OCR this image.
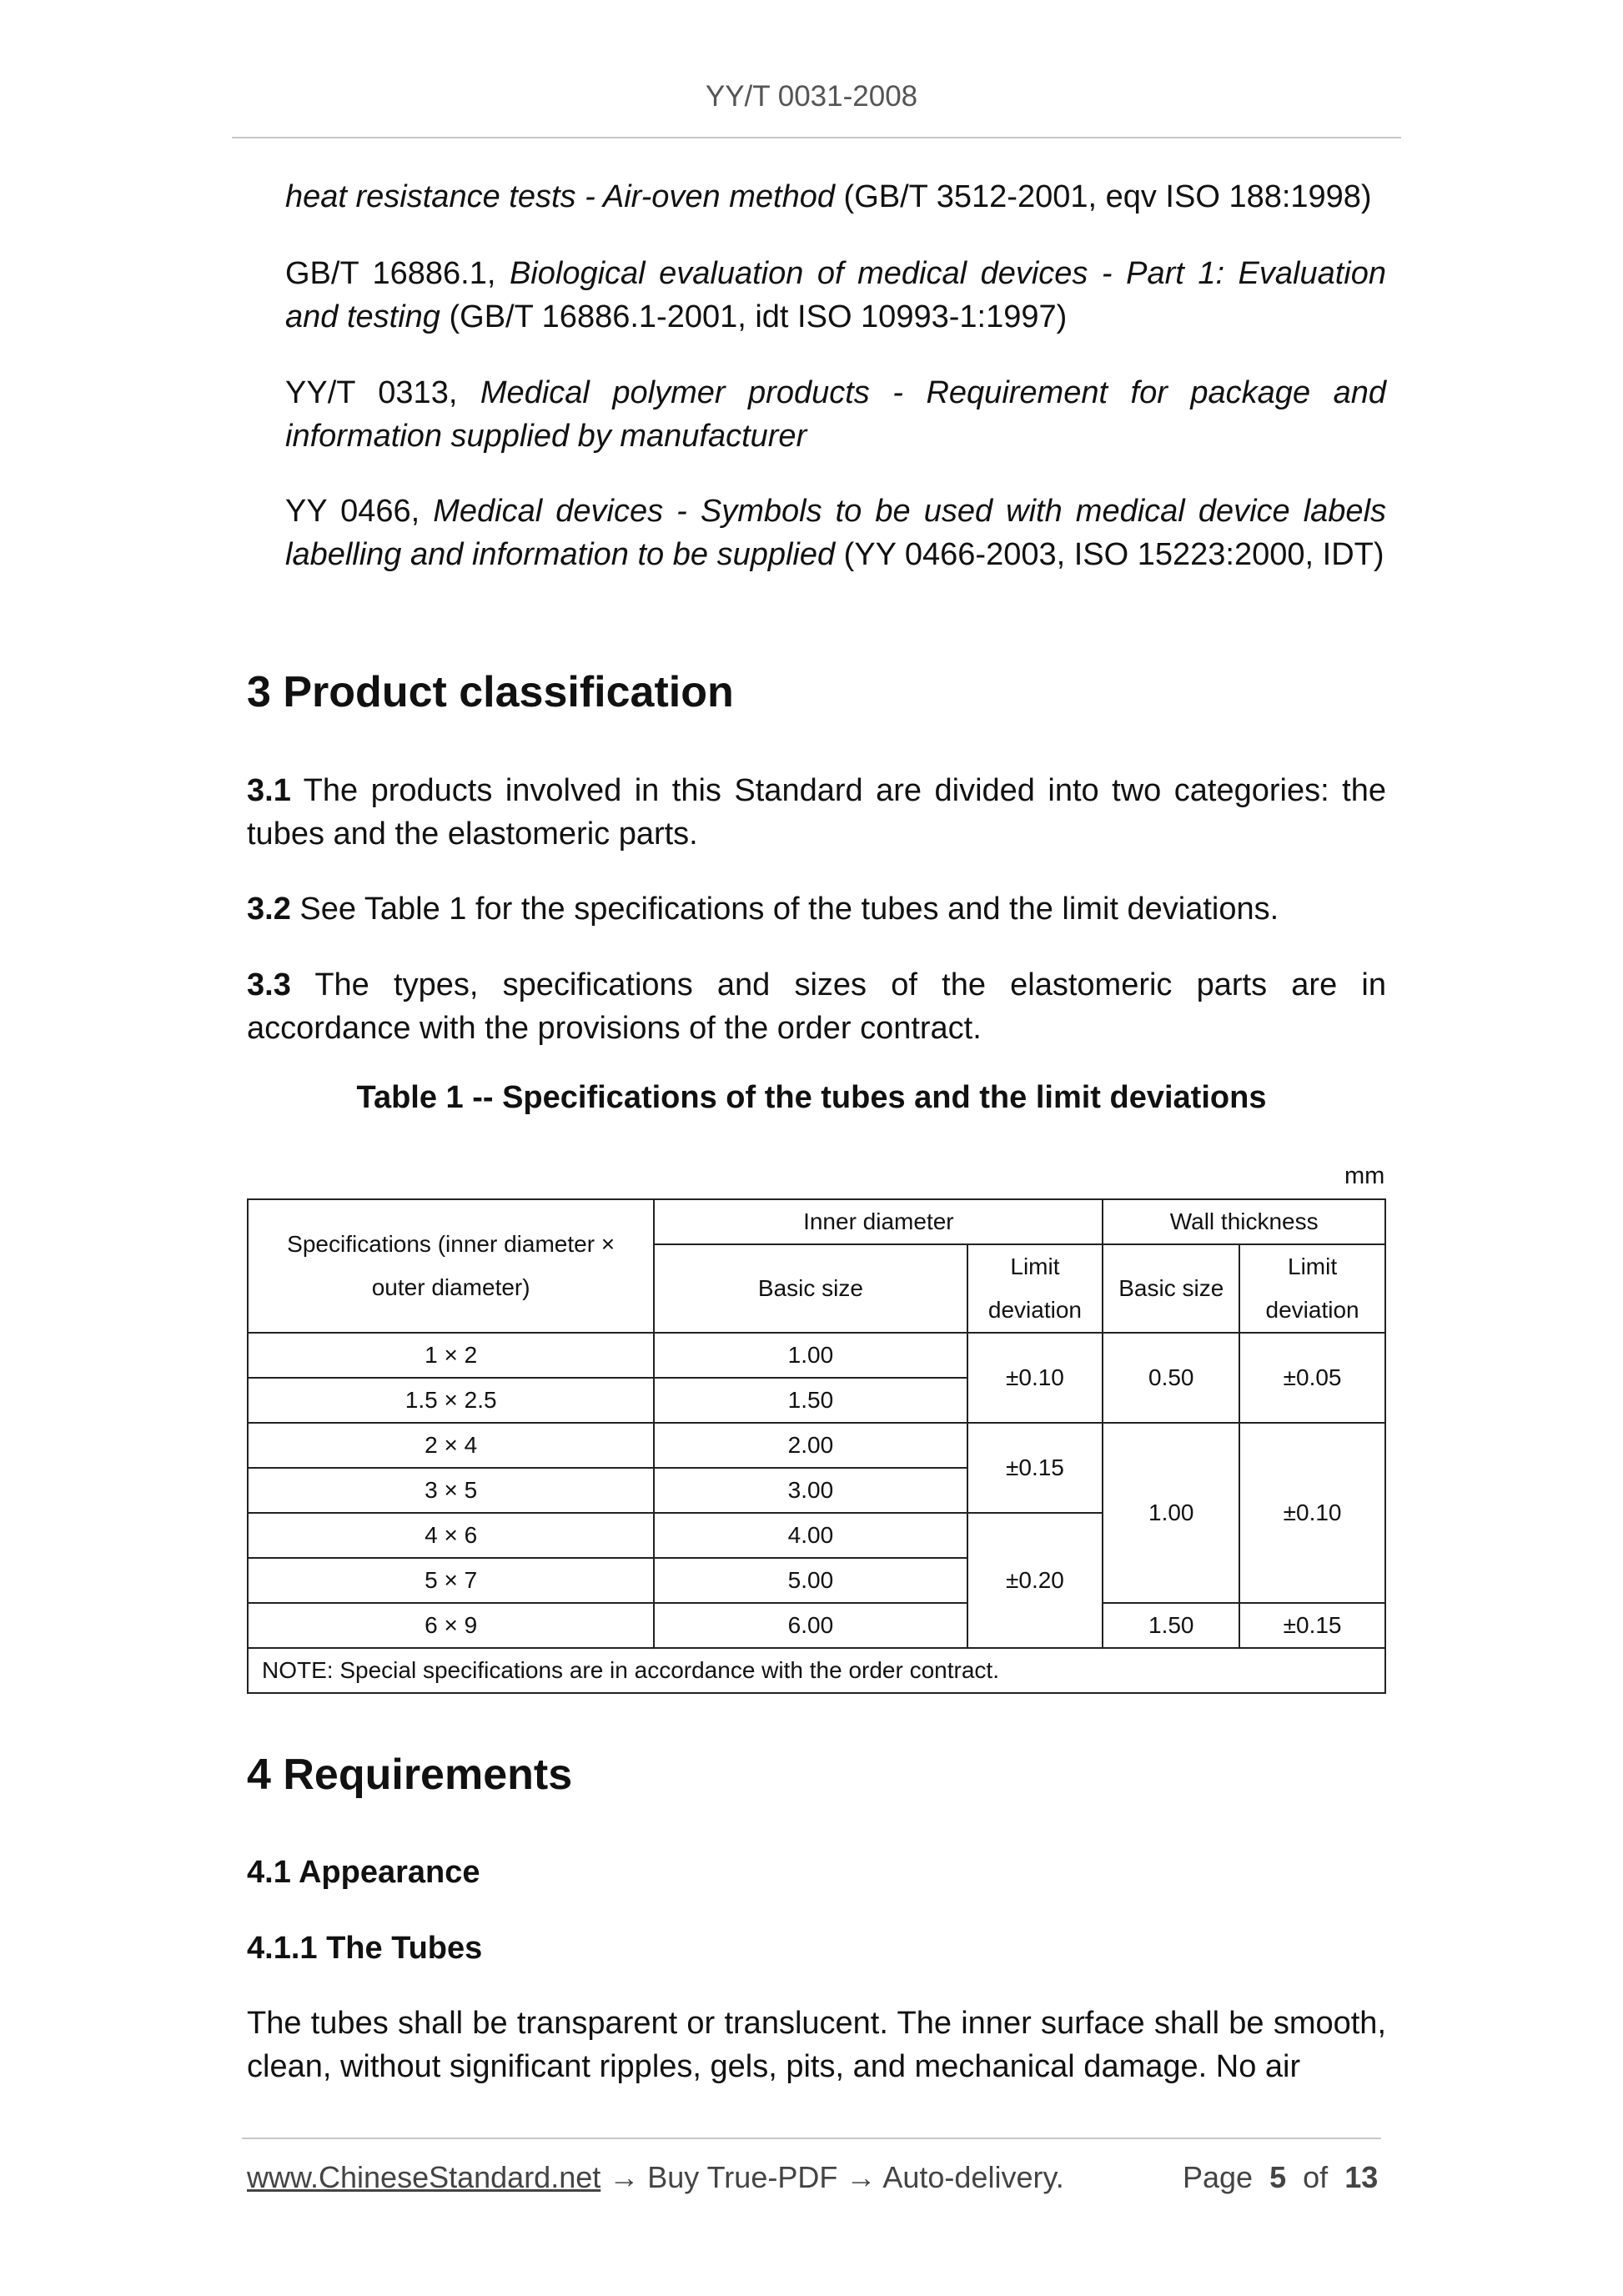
YY/T 0031-2008
heat resistance tests - Air-oven method (GB/T 3512-2001, eqv ISO 188:1998)
GB/T 16886.1, Biological evaluation of medical devices - Part 1: Evaluation and testing (GB/T 16886.1-2001, idt ISO 10993-1:1997)
YY/T 0313, Medical polymer products - Requirement for package and information supplied by manufacturer
YY 0466, Medical devices - Symbols to be used with medical device labels labelling and information to be supplied (YY 0466-2003, ISO 15223:2000, IDT)
3 Product classification
3.1 The products involved in this Standard are divided into two categories: the tubes and the elastomeric parts.
3.2 See Table 1 for the specifications of the tubes and the limit deviations.
3.3 The types, specifications and sizes of the elastomeric parts are in accordance with the provisions of the order contract.
Table 1 -- Specifications of the tubes and the limit deviations
mm
Specifications (inner diameter × outer diameter)	Inner diameter		Wall thickness	
	Basic size	Limit deviation	Basic size	Limit deviation

1 × 2	1.00	±0.10	0.50	±0.05
1.5 × 2.5	1.50			
2 × 4	2.00	±0.15	1.00	±0.10
3 × 5	3.00			
4 × 6	4.00	±0.20		
5 × 7	5.00			
6 × 9	6.00		1.50	±0.15
NOTE: Special specifications are in accordance with the order contract.				
4 Requirements
4.1 Appearance
4.1.1 The Tubes
The tubes shall be transparent or translucent. The inner surface shall be smooth, clean, without significant ripples, gels, pits, and mechanical damage. No air
www.ChineseStandard.net → Buy True-PDF → Auto-delivery.	Page 5 of 13
